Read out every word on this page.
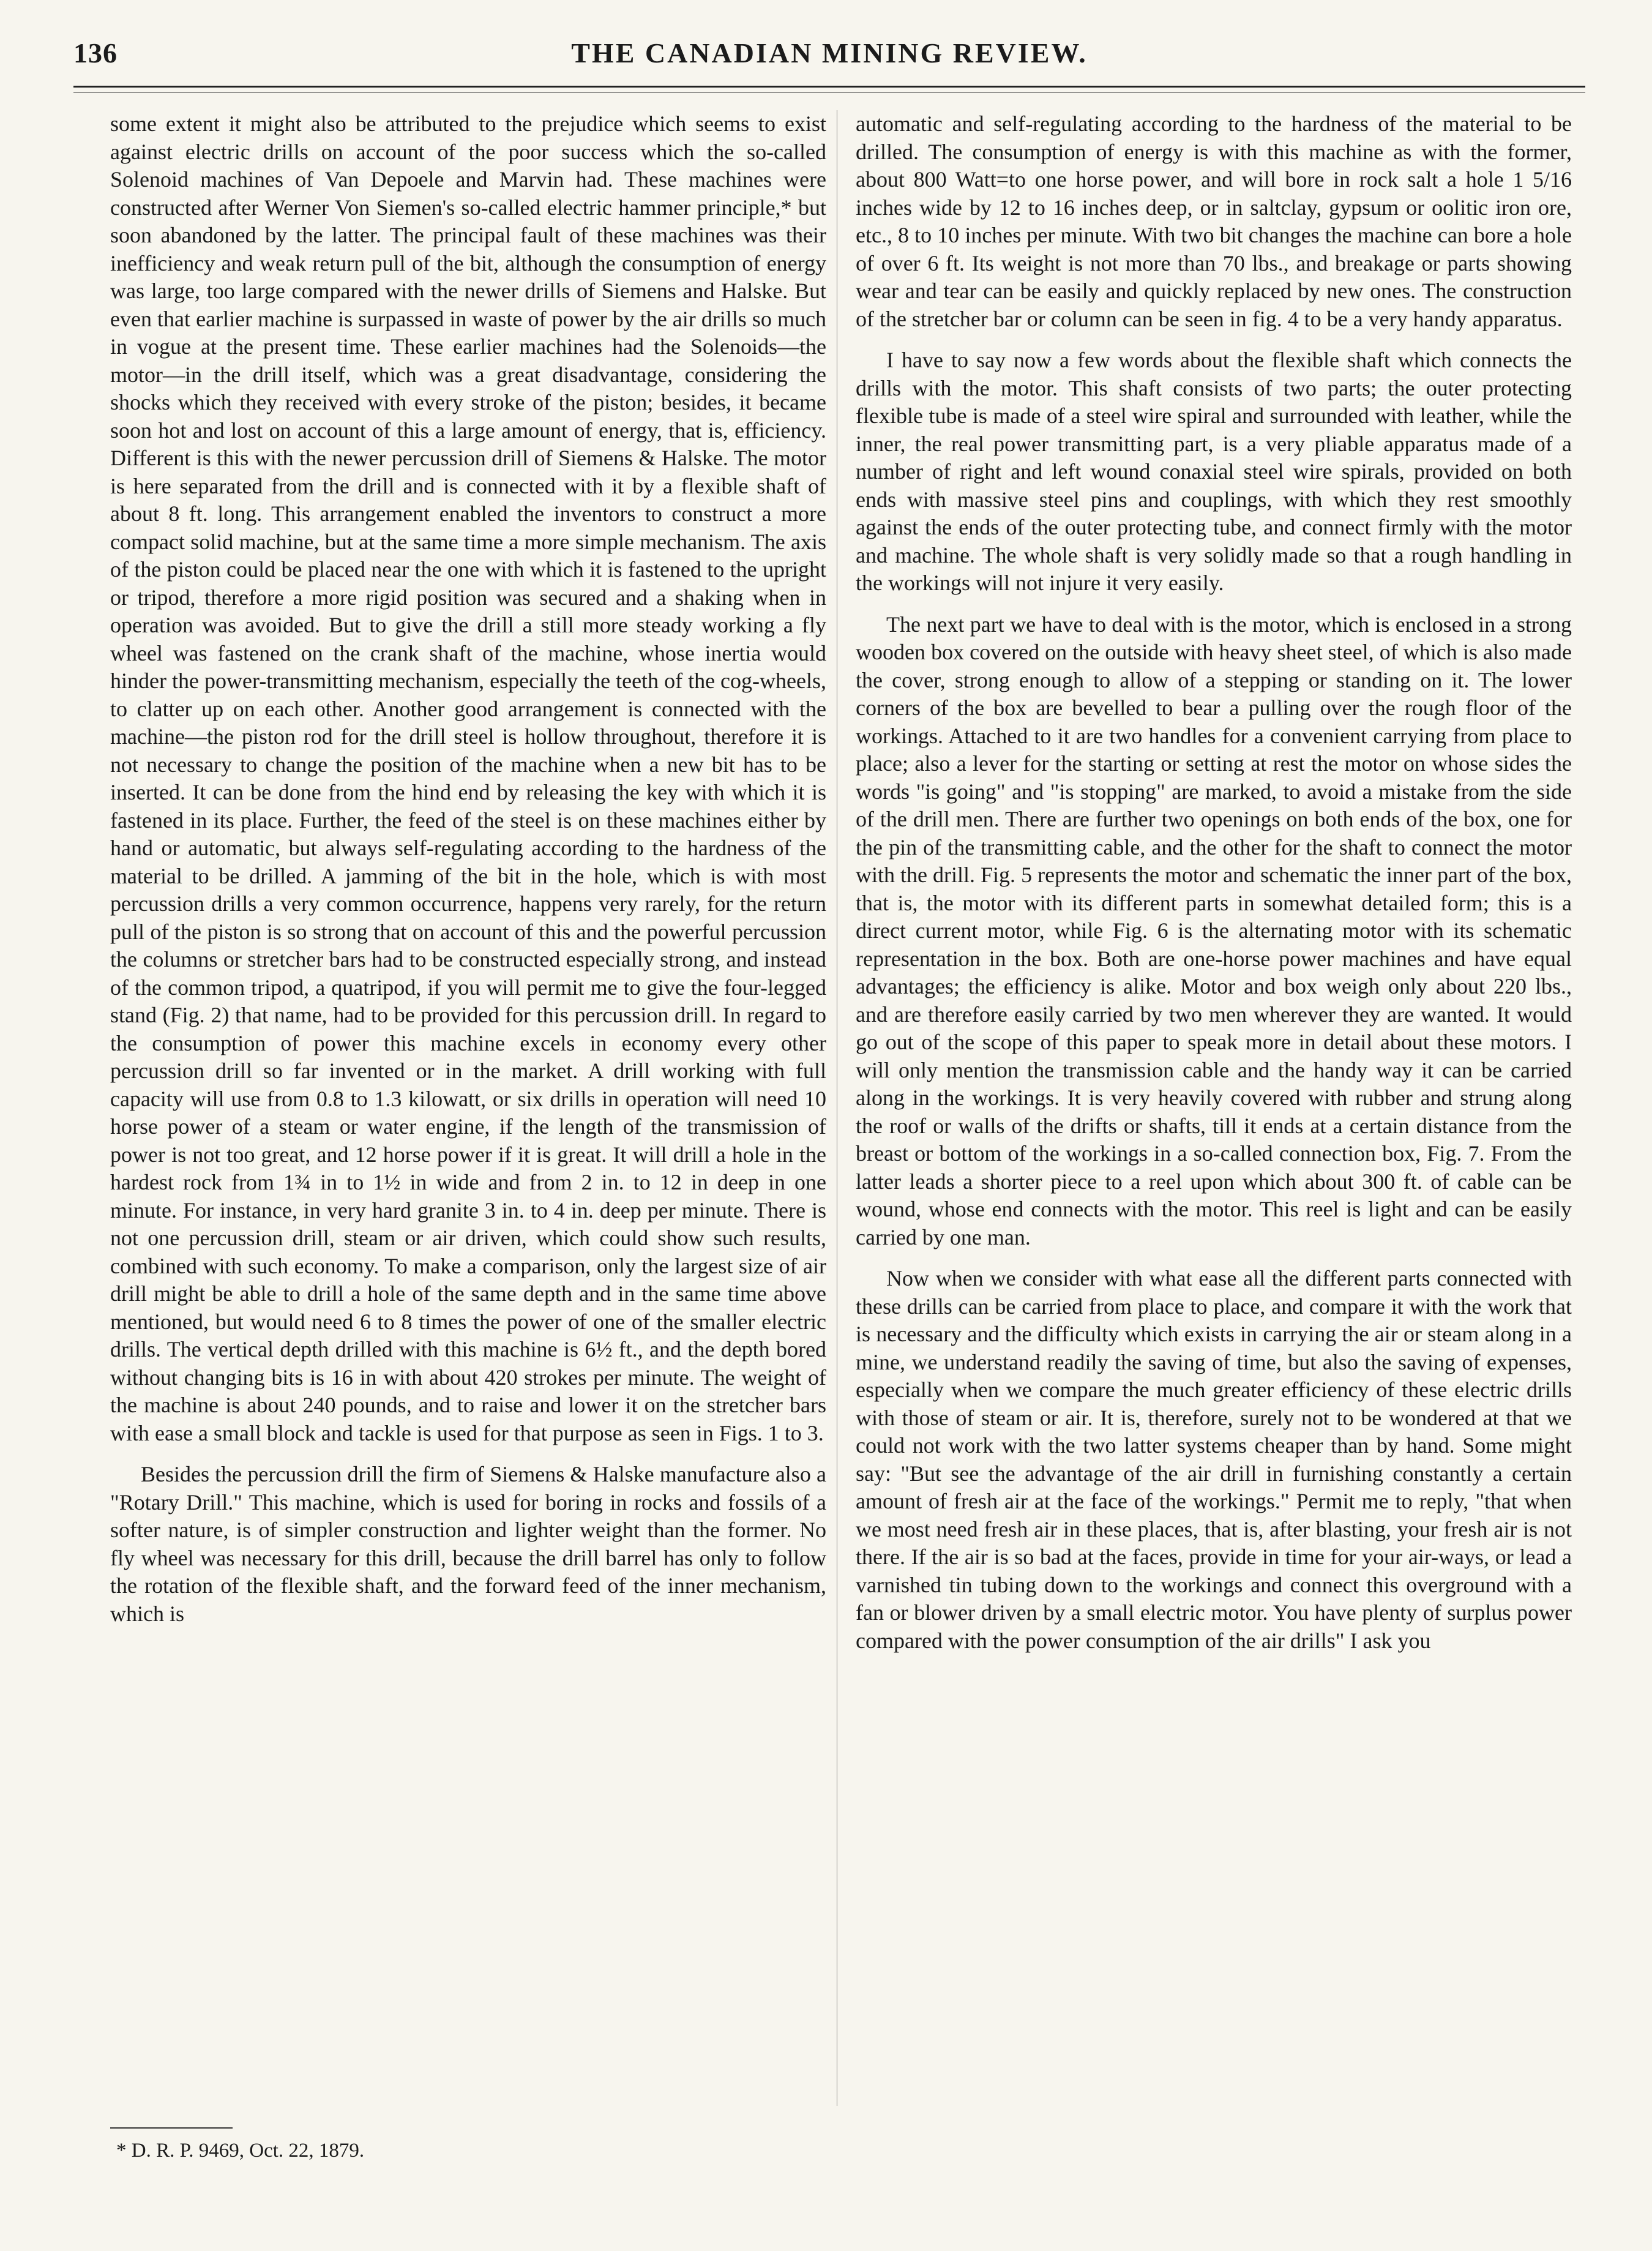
136	THE CANADIAN MINING REVIEW.

some extent it might also be attributed to the prejudice which seems to exist against electric drills on account of the poor success which the so-called Solenoid machines of Van Depoele and Marvin had. These machines were constructed after Werner Von Siemen's so-called electric hammer principle,* but soon abandoned by the latter. The principal fault of these machines was their inefficiency and weak return pull of the bit, although the consumption of energy was large, too large compared with the newer drills of Siemens and Halske. But even that earlier machine is surpassed in waste of power by the air drills so much in vogue at the present time. These earlier machines had the Solenoids—the motor—in the drill itself, which was a great disadvantage, considering the shocks which they received with every stroke of the piston; besides, it became soon hot and lost on account of this a large amount of energy, that is, efficiency. Different is this with the newer percussion drill of Siemens & Halske. The motor is here separated from the drill and is connected with it by a flexible shaft of about 8 ft. long. This arrangement enabled the inventors to construct a more compact solid machine, but at the same time a more simple mechanism. The axis of the piston could be placed near the one with which it is fastened to the upright or tripod, therefore a more rigid position was secured and a shaking when in operation was avoided. But to give the drill a still more steady working a fly wheel was fastened on the crank shaft of the machine, whose inertia would hinder the power-transmitting mechanism, especially the teeth of the cog-wheels, to clatter up on each other. Another good arrangement is connected with the machine—the piston rod for the drill steel is hollow throughout, therefore it is not necessary to change the position of the machine when a new bit has to be inserted. It can be done from the hind end by releasing the key with which it is fastened in its place. Further, the feed of the steel is on these machines either by hand or automatic, but always self-regulating according to the hardness of the material to be drilled. A jamming of the bit in the hole, which is with most percussion drills a very common occurrence, happens very rarely, for the return pull of the piston is so strong that on account of this and the powerful percussion the columns or stretcher bars had to be constructed especially strong, and instead of the common tripod, a quatripod, if you will permit me to give the four-legged stand (Fig. 2) that name, had to be provided for this percussion drill. In regard to the consumption of power this machine excels in economy every other percussion drill so far invented or in the market. A drill working with full capacity will use from 0.8 to 1.3 kilowatt, or six drills in operation will need 10 horse power of a steam or water engine, if the length of the transmission of power is not too great, and 12 horse power if it is great. It will drill a hole in the hardest rock from 1¾ in to 1½ in wide and from 2 in. to 12 in deep in one minute. For instance, in very hard granite 3 in. to 4 in. deep per minute. There is not one percussion drill, steam or air driven, which could show such results, combined with such economy. To make a comparison, only the largest size of air drill might be able to drill a hole of the same depth and in the same time above mentioned, but would need 6 to 8 times the power of one of the smaller electric drills. The vertical depth drilled with this machine is 6½ ft., and the depth bored without changing bits is 16 in with about 420 strokes per minute. The weight of the machine is about 240 pounds, and to raise and lower it on the stretcher bars with ease a small block and tackle is used for that purpose as seen in Figs. 1 to 3.

Besides the percussion drill the firm of Siemens & Halske manufacture also a "Rotary Drill." This machine, which is used for boring in rocks and fossils of a softer nature, is of simpler construction and lighter weight than the former. No fly wheel was necessary for this drill, because the drill barrel has only to follow the rotation of the flexible shaft, and the forward feed of the inner mechanism, which is

automatic and self-regulating according to the hardness of the material to be drilled. The consumption of energy is with this machine as with the former, about 800 Watt=to one horse power, and will bore in rock salt a hole 1 5/16 inches wide by 12 to 16 inches deep, or in saltclay, gypsum or oolitic iron ore, etc., 8 to 10 inches per minute. With two bit changes the machine can bore a hole of over 6 ft. Its weight is not more than 70 lbs., and breakage or parts showing wear and tear can be easily and quickly replaced by new ones. The construction of the stretcher bar or column can be seen in fig. 4 to be a very handy apparatus.

I have to say now a few words about the flexible shaft which connects the drills with the motor. This shaft consists of two parts; the outer protecting flexible tube is made of a steel wire spiral and surrounded with leather, while the inner, the real power transmitting part, is a very pliable apparatus made of a number of right and left wound conaxial steel wire spirals, provided on both ends with massive steel pins and couplings, with which they rest smoothly against the ends of the outer protecting tube, and connect firmly with the motor and machine. The whole shaft is very solidly made so that a rough handling in the workings will not injure it very easily.

The next part we have to deal with is the motor, which is enclosed in a strong wooden box covered on the outside with heavy sheet steel, of which is also made the cover, strong enough to allow of a stepping or standing on it. The lower corners of the box are bevelled to bear a pulling over the rough floor of the workings. Attached to it are two handles for a convenient carrying from place to place; also a lever for the starting or setting at rest the motor on whose sides the words "is going" and "is stopping" are marked, to avoid a mistake from the side of the drill men. There are further two openings on both ends of the box, one for the pin of the transmitting cable, and the other for the shaft to connect the motor with the drill. Fig. 5 represents the motor and schematic the inner part of the box, that is, the motor with its different parts in somewhat detailed form; this is a direct current motor, while Fig. 6 is the alternating motor with its schematic representation in the box. Both are one-horse power machines and have equal advantages; the efficiency is alike. Motor and box weigh only about 220 lbs., and are therefore easily carried by two men wherever they are wanted. It would go out of the scope of this paper to speak more in detail about these motors. I will only mention the transmission cable and the handy way it can be carried along in the workings. It is very heavily covered with rubber and strung along the roof or walls of the drifts or shafts, till it ends at a certain distance from the breast or bottom of the workings in a so-called connection box, Fig. 7. From the latter leads a shorter piece to a reel upon which about 300 ft. of cable can be wound, whose end connects with the motor. This reel is light and can be easily carried by one man.

Now when we consider with what ease all the different parts connected with these drills can be carried from place to place, and compare it with the work that is necessary and the difficulty which exists in carrying the air or steam along in a mine, we understand readily the saving of time, but also the saving of expenses, especially when we compare the much greater efficiency of these electric drills with those of steam or air. It is, therefore, surely not to be wondered at that we could not work with the two latter systems cheaper than by hand. Some might say: "But see the advantage of the air drill in furnishing constantly a certain amount of fresh air at the face of the workings." Permit me to reply, "that when we most need fresh air in these places, that is, after blasting, your fresh air is not there. If the air is so bad at the faces, provide in time for your air-ways, or lead a varnished tin tubing down to the workings and connect this overground with a fan or blower driven by a small electric motor. You have plenty of surplus power compared with the power consumption of the air drills" I ask you

* D. R. P. 9469, Oct. 22, 1879.
